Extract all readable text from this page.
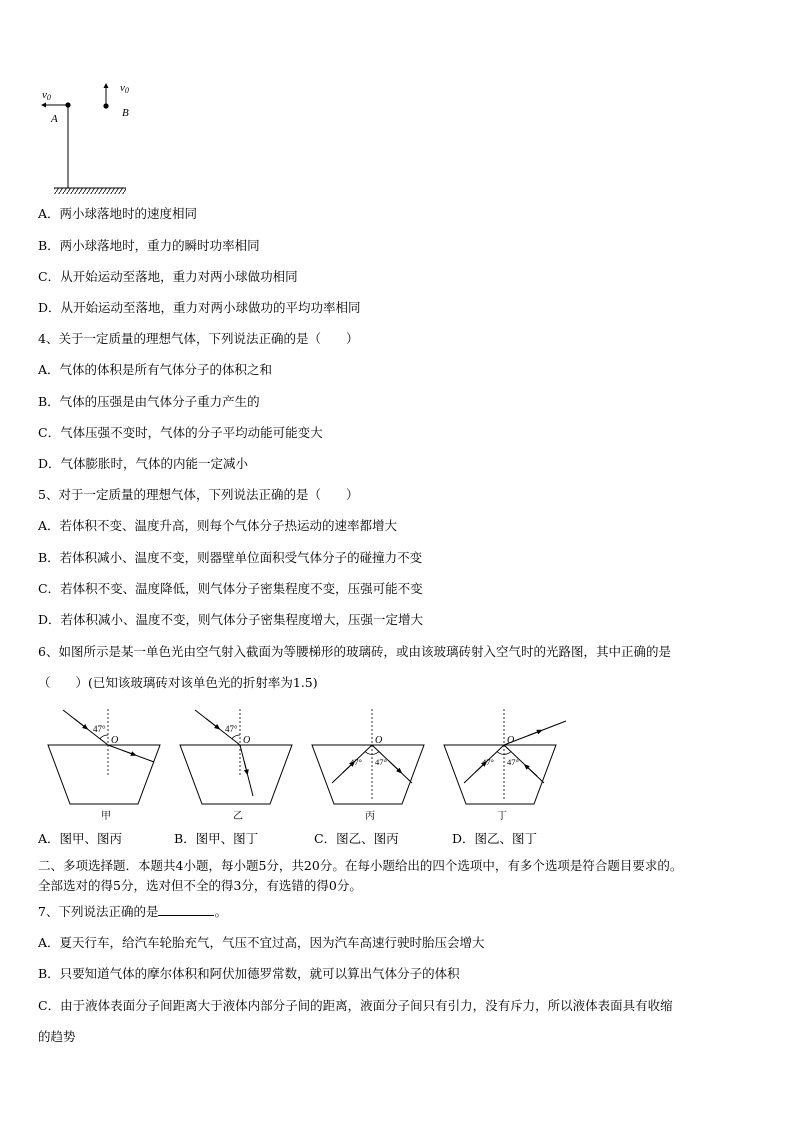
v0
A
v0
B
A．两小球落地时的速度相同
B．两小球落地时，重力的瞬时功率相同
C．从开始运动至落地，重力对两小球做功相同
D．从开始运动至落地，重力对两小球做功的平均功率相同
4、关于一定质量的理想气体，下列说法正确的是（　　）
A．气体的体积是所有气体分子的体积之和
B．气体的压强是由气体分子重力产生的
C．气体压强不变时，气体的分子平均动能可能变大
D．气体膨胀时，气体的内能一定减小
5、对于一定质量的理想气体，下列说法正确的是（　　）
A．若体积不变、温度升高，则每个气体分子热运动的速率都增大
B．若体积减小、温度不变，则器壁单位面积受气体分子的碰撞力不变
C．若体积不变、温度降低，则气体分子密集程度不变，压强可能不变
D．若体积减小、温度不变，则气体分子密集程度增大，压强一定增大
6、如图所示是某一单色光由空气射入截面为等腰梯形的玻璃砖，或由该玻璃砖射入空气时的光路图，其中正确的是
（　　）(已知该玻璃砖对该单色光的折射率为1.5)
47°
O
甲
47°
O
乙
47° 47°
O
丙
47° 47°
O
丁
A．图甲、图丙	B．图甲、图丁	C．图乙、图丙	D．图乙、图丁
二、多项选择题．本题共4小题，每小题5分，共20分。在每小题给出的四个选项中，有多个选项是符合题目要求的。
全部选对的得5分，选对但不全的得3分，有选错的得0分。
7、下列说法正确的是	。
A．夏天行车，给汽车轮胎充气，气压不宜过高，因为汽车高速行驶时胎压会增大
B．只要知道气体的摩尔体积和阿伏加德罗常数，就可以算出气体分子的体积
C．由于液体表面分子间距离大于液体内部分子间的距离，液面分子间只有引力，没有斥力，所以液体表面具有收缩
的趋势
